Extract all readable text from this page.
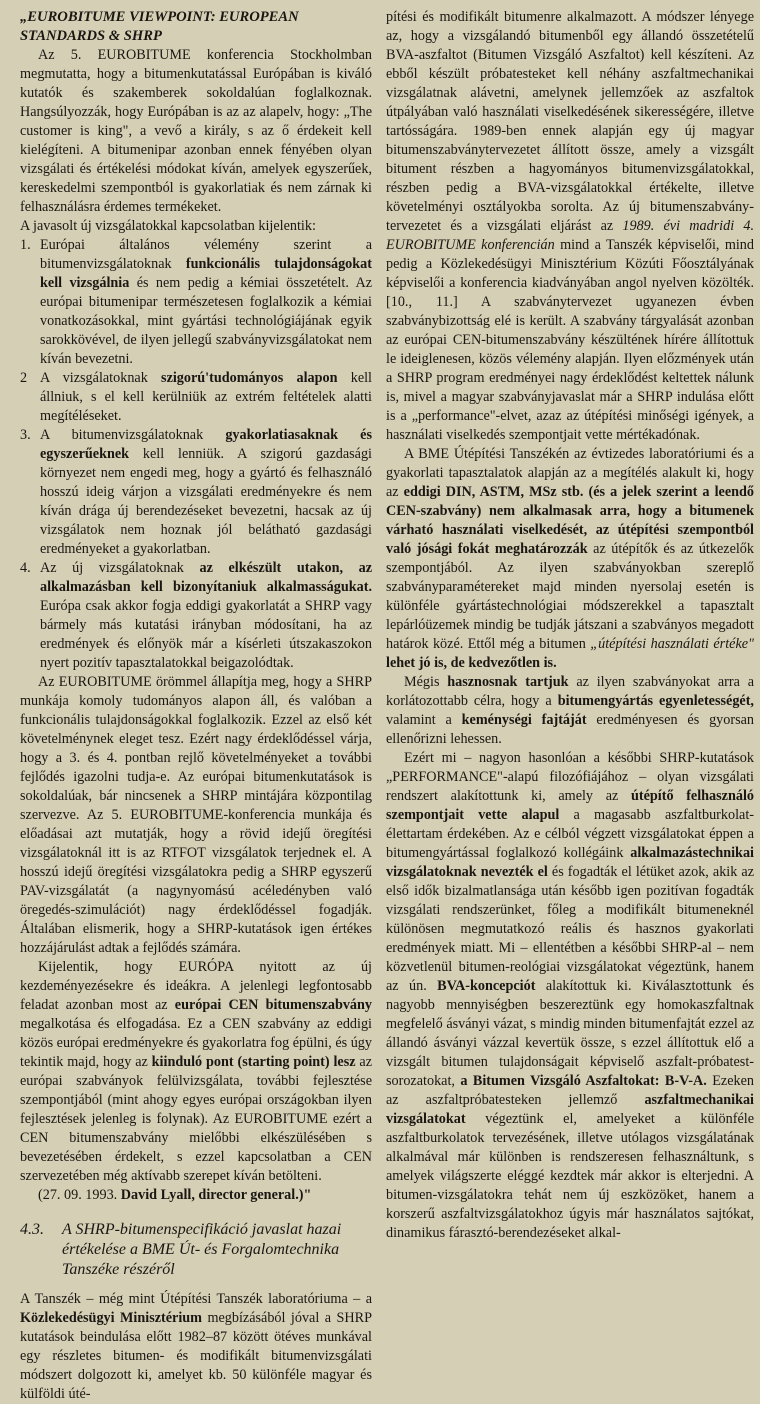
„EUROBITUME VIEWPOINT: EUROPEAN STANDARDS & SHRP

Az 5. EUROBITUME konferencia Stockholmban megmutatta, hogy a bitumenkutatással Európában is kiváló kutatók és szakemberek sokoldalúan foglalkoznak. Hangsúlyozzák, hogy Európában is az az alapelv, hogy: „The customer is king", a vevő a király, s az ő érdekeit kell kielégíteni. A bitumenipar azonban ennek fényében olyan vizsgálati és értékelési módokat kíván, amelyek egyszerűek, kereskedelmi szempontból is gyakorlatiak és nem zárnak ki felhasználásra érdemes termékeket.

A javasolt új vizsgálatokkal kapcsolatban kijelentik:

1. Európai általános vélemény szerint a bitumenvizsgálatoknak funkcionális tulajdonságokat kell vizsgálnia és nem pedig a kémiai összetételt. Az európai bitumenipar természetesen foglalkozik a kémiai vonatkozásokkal, mint gyártási technológiájának egyik sarokkövével, de ilyen jellegű szabványvizsgálatokat nem kíván bevezetni.

2 A vizsgálatoknak szigorú'tudományos alapon kell állniuk, s el kell kerülniük az extrém feltételek alatti megítéléseket.

3. A bitumenvizsgálatoknak gyakorlatiasaknak és egyszerűeknek kell lenniük. A szigorú gazdasági környezet nem engedi meg, hogy a gyártó és felhasználó hosszú ideig várjon a vizsgálati eredményekre és nem kíván drága új berendezéseket bevezetni, hacsak az új vizsgálatok nem hoznak jól belátható gazdasági eredményeket a gyakorlatban.

4. Az új vizsgálatoknak az elkészült utakon, az alkalmazásban kell bizonyítaniuk alkalmasságukat. Európa csak akkor fogja eddigi gyakorlatát a SHRP vagy bármely más kutatási irányban módosítani, ha az eredmények és előnyök már a kísérleti útszakaszokon nyert pozitív tapasztalatokkal beigazolódtak.

Az EUROBITUME örömmel állapítja meg, hogy a SHRP munkája komoly tudományos alapon áll, és valóban a funkcionális tulajdonságokkal foglalkozik. Ezzel az első két követelménynek eleget tesz. Ezért nagy érdeklődéssel várja, hogy a 3. és 4. pontban rejlő követelményeket a további fejlődés igazolni tudja-e. Az európai bitumenkutatások is sokoldalúak, bár nincsenek a SHRP mintájára központilag szervezve. Az 5. EUROBITUME-konferencia munkája és előadásai azt mutatják, hogy a rövid idejű öregítési vizsgálatoknál itt is az RTFOT vizsgálatok terjednek el. A hosszú idejű öregítési vizsgálatokra pedig a SHRP egyszerű PAV-vizsgálatát (a nagynyomású acéledényben való öregedés-szimulációt) nagy érdeklődéssel fogadják. Általában elismerik, hogy a SHRP-kutatások igen értékes hozzájárulást adtak a fejlődés számára.

Kijelentik, hogy EURÓPA nyitott az új kezdeményezésekre és ideákra. A jelenlegi legfontosabb feladat azonban most az európai CEN bitumenszabvány megalkotása és elfogadása. Ez a CEN szabvány az eddigi közös európai eredményekre és gyakorlatra fog épülni, és úgy tekintik majd, hogy az kiinduló pont (starting point) lesz az európai szabványok felülvizsgálata, további fejlesztése szempontjából (mint ahogy egyes európai országokban ilyen fejlesztések jelenleg is folynak). Az EUROBITUME ezért a CEN bitumenszabvány mielőbbi elkészülésében s bevezetésében érdekelt, s ezzel kapcsolatban a CEN szervezetében még aktívabb szerepet kíván betölteni.

(27. 09. 1993. David Lyall, director general.)"

4.3. A SHRP-bitumenspecifikáció javaslat hazai értékelése a BME Út- és Forgalomtechnika Tanszéke részéről

A Tanszék – még mint Útépítési Tanszék laboratóriuma – a Közlekedésügyi Minisztérium megbízásából jóval a SHRP kutatások beindulása előtt 1982–87 között ötéves munkával egy részletes bitumen- és modifikált bitumenvizsgálati módszert dolgozott ki, amelyet kb. 50 különféle magyar és külföldi úté-

pítési és modifikált bitumenre alkalmazott. A módszer lényege az, hogy a vizsgálandó bitumenből egy állandó összetételű BVA-aszfaltot (Bitumen Vizsgáló Aszfaltot) kell készíteni. Az ebből készült próbatesteket kell néhány aszfaltmechanikai vizsgálatnak alávetni, amelynek jellemzőek az aszfaltok útpályában való használati viselkedésének sikerességére, illetve tartósságára. 1989-ben ennek alapján egy új magyar bitumenszabványtervezetet állított össze, amely a vizsgált bitument részben a hagyományos bitumenvizsgálatokkal, részben pedig a BVA-vizsgálatokkal értékelte, illetve követelményi osztályokba sorolta. Az új bitumenszabvány-tervezetet és a vizsgálati eljárást az 1989. évi madridi 4. EUROBITUME konferencián mind a Tanszék képviselői, mind pedig a Közlekedésügyi Minisztérium Közúti Főosztályának képviselői a konferencia kiadványában angol nyelven közölték. [10., 11.] A szabványtervezet ugyanezen évben szabványbizottság elé is került. A szabvány tárgyalását azonban az európai CEN-bitumenszabvány készültének hírére állítottuk le ideiglenesen, közös vélemény alapján. Ilyen előzmények után a SHRP program eredményei nagy érdeklődést keltettek nálunk is, mivel a magyar szabványjavaslat már a SHRP indulása előtt is a „performance"-elvet, azaz az útépítési minőségi igények, a használati viselkedés szempontjait vette mértékadónak.

A BME Útépítési Tanszékén az évtizedes laboratóriumi és a gyakorlati tapasztalatok alapján az a megítélés alakult ki, hogy az eddigi DIN, ASTM, MSz stb. (és a jelek szerint a leendő CEN-szabvány) nem alkalmasak arra, hogy a bitumenek várható használati viselkedését, az útépítési szempontból való jósági fokát meghatározzák az útépítők és az útkezelők szempontjából. Az ilyen szabványokban szereplő szabványparamétereket majd minden nyersolaj esetén is különféle gyártástechnológiai módszerekkel a tapasztalt lepárlóüzemek mindig be tudják játszani a szabványos megadott határok közé. Ettől még a bitumen „útépítési használati értéke" lehet jó is, de kedvezőtlen is.

Mégis hasznosnak tartjuk az ilyen szabványokat arra a korlátozottabb célra, hogy a bitumengyártás egyenletességét, valamint a keménységi fajtáját eredményesen és gyorsan ellenőrizni lehessen.

Ezért mi – nagyon hasonlóan a későbbi SHRP-kutatások „PERFORMANCE"-alapú filozófiájához – olyan vizsgálati rendszert alakítottunk ki, amely az útépítő felhasználó szempontjait vette alapul a magasabb aszfaltburkolat-élettartam érdekében. Az e célból végzett vizsgálatokat éppen a bitumengyártással foglalkozó kollégáink alkalmazástechnikai vizsgálatoknak nevezték el és fogadták el létüket azok, akik az első idők bizalmatlansága után később igen pozitívan fogadták vizsgálati rendszerünket, főleg a modifikált bitumeneknél különösen megmutatkozó reális és hasznos gyakorlati eredmények miatt. Mi – ellentétben a későbbi SHRP-al – nem közvetlenül bitumen-reológiai vizsgálatokat végeztünk, hanem az ún. BVA-koncepciót alakítottuk ki. Kiválasztottunk és nagyobb mennyiségben beszereztünk egy homokaszfaltnak megfelelő ásványi vázat, s mindig minden bitumenfajtát ezzel az állandó ásványi vázzal kevertük össze, s ezzel állítottuk elő a vizsgált bitumen tulajdonságait képviselő aszfalt-próbatest-sorozatokat, a Bitumen Vizsgáló Aszfaltokat: B-V-A. Ezeken az aszfaltpróbatesteken jellemző aszfaltmechanikai vizsgálatokat végeztünk el, amelyeket a különféle aszfaltburkolatok tervezésének, illetve utólagos vizsgálatának alkalmával már különben is rendszeresen felhasználtunk, s amelyek világszerte eléggé kezdtek már akkor is elterjedni. A bitumen-vizsgálatokra tehát nem új eszközöket, hanem a korszerű aszfaltvizsgálatokhoz úgyis már használatos sajtókat, dinamikus fárasztó-berendezéseket alkal-
